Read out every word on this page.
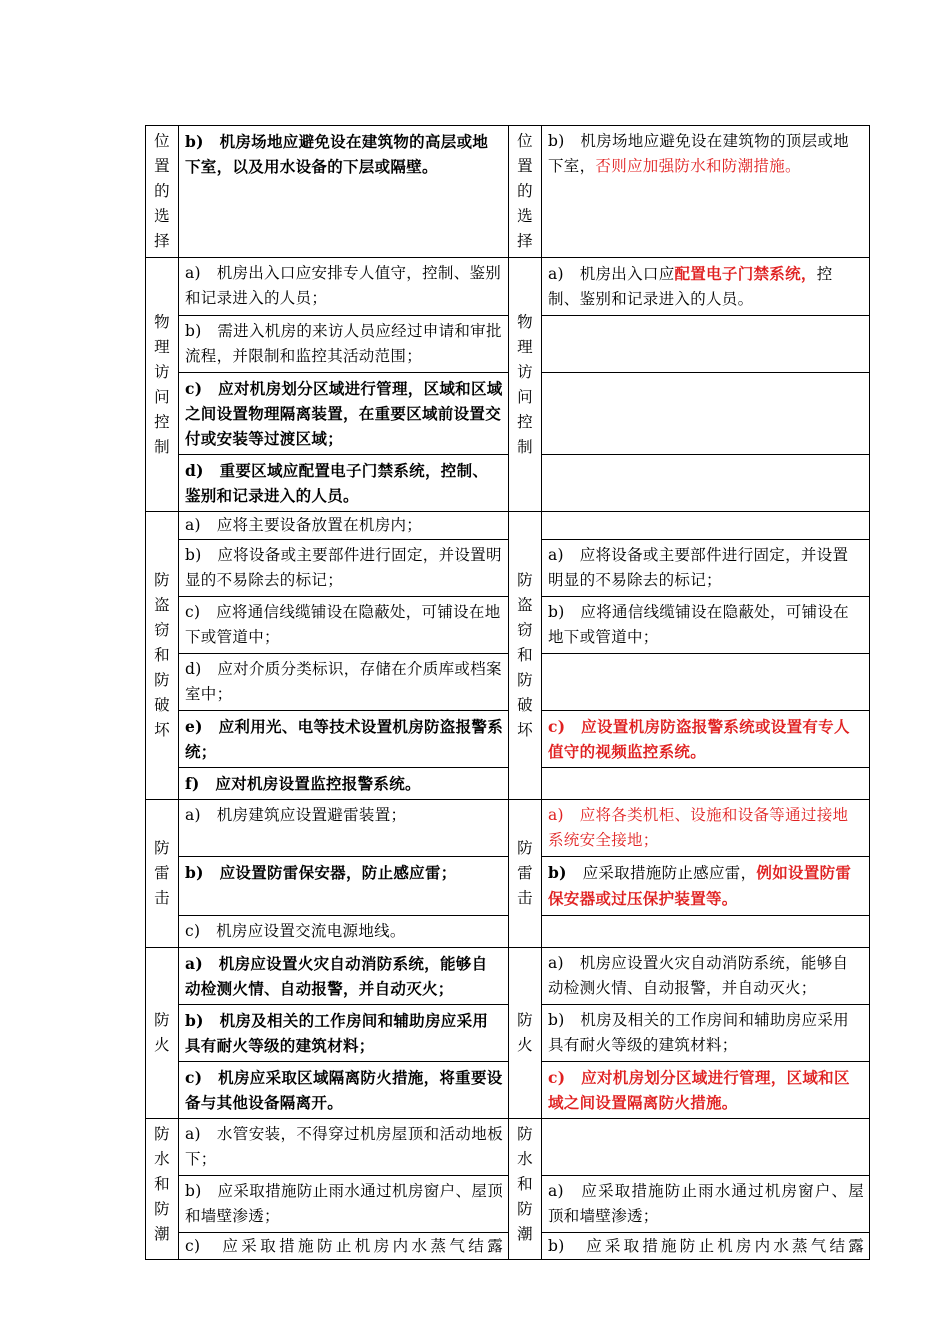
位置的选择	b)　机房场地应避免设在建筑物的高层或地下室，以及用水设备的下层或隔壁。	位置的选择	b)　机房场地应避免设在建筑物的顶层或地下室，否则应加强防水和防潮措施。

物理访问控制	a)　机房出入口应安排专人值守，控制、鉴别和记录进入的人员；	物理访问控制	a)　机房出入口应配置电子门禁系统，控制、鉴别和记录进入的人员。
	b)　需进入机房的来访人员应经过申请和审批流程，并限制和监控其活动范围；		
	c)　应对机房划分区域进行管理，区域和区域之间设置物理隔离装置，在重要区域前设置交付或安装等过渡区域；		
	d)　重要区域应配置电子门禁系统，控制、鉴别和记录进入的人员。		

防盗窃和防破坏	a)　应将主要设备放置在机房内；	防盗窃和防破坏	

	b)　应将设备或主要部件进行固定，并设置明显的不易除去的标记；		a)　应将设备或主要部件进行固定，并设置明显的不易除去的标记；
	c)　应将通信线缆铺设在隐蔽处，可铺设在地下或管道中；		b)　应将通信线缆铺设在隐蔽处，可铺设在地下或管道中；
	d)　应对介质分类标识，存储在介质库或档案室中；		
	e)　应利用光、电等技术设置机房防盗报警系统；		c)　应设置机房防盗报警系统或设置有专人值守的视频监控系统。
	f)　应对机房设置监控报警系统。		

防雷击	a)　机房建筑应设置避雷装置；	防雷击	a)　应将各类机柜、设施和设备等通过接地系统安全接地；
	b)　应设置防雷保安器，防止感应雷；		b)　应采取措施防止感应雷，例如设置防雷保安器或过压保护装置等。
	c)　机房应设置交流电源地线。		

防火	a)　机房应设置火灾自动消防系统，能够自动检测火情、自动报警，并自动灭火；	防火	a)　机房应设置火灾自动消防系统，能够自动检测火情、自动报警，并自动灭火；
	b)　机房及相关的工作房间和辅助房应采用具有耐火等级的建筑材料；		b)　机房及相关的工作房间和辅助房应采用具有耐火等级的建筑材料；
	c)　机房应采取区域隔离防火措施，将重要设备与其他设备隔离开。		c)　应对机房划分区域进行管理，区域和区域之间设置隔离防火措施。

防水和防潮	a)　水管安装，不得穿过机房屋顶和活动地板下；	防水和防潮	

	b)　应采取措施防止雨水通过机房窗户、屋顶和墙壁渗透；		a)　应采取措施防止雨水通过机房窗户、屋顶和墙壁渗透；
	c)　应采取措施防止机房内水蒸气结露		b)　应采取措施防止机房内水蒸气结露
